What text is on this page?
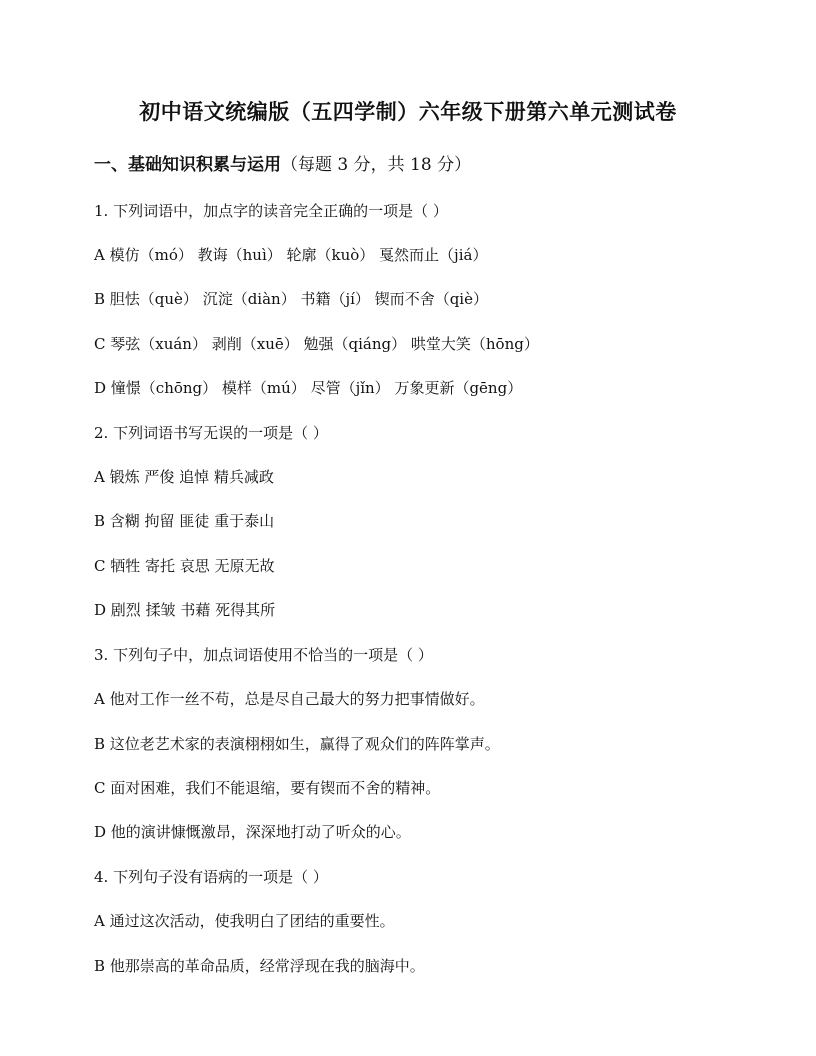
初中语文统编版（五四学制）六年级下册第六单元测试卷
一、基础知识积累与运用（每题 3 分，共 18 分）
1. 下列词语中，加点字的读音完全正确的一项是（ ）
A 模仿（mó） 教诲（huì） 轮廓（kuò） 戛然而止（jiá）
B 胆怯（què） 沉淀（diàn） 书籍（jí） 锲而不舍（qiè）
C 琴弦（xuán） 剥削（xuē） 勉强（qiáng） 哄堂大笑（hōng）
D 憧憬（chōng） 模样（mú） 尽管（jǐn） 万象更新（gēng）
2. 下列词语书写无误的一项是（ ）
A 锻炼 严俊 追悼 精兵减政
B 含糊 拘留 匪徒 重于泰山
C 牺牲 寄托 哀思 无原无故
D 剧烈 揉皱 书藉 死得其所
3. 下列句子中，加点词语使用不恰当的一项是（ ）
A 他对工作一丝不苟，总是尽自己最大的努力把事情做好。
B 这位老艺术家的表演栩栩如生，赢得了观众们的阵阵掌声。
C 面对困难，我们不能退缩，要有锲而不舍的精神。
D 他的演讲慷慨激昂，深深地打动了听众的心。
4. 下列句子没有语病的一项是（ ）
A 通过这次活动，使我明白了团结的重要性。
B 他那崇高的革命品质，经常浮现在我的脑海中。
